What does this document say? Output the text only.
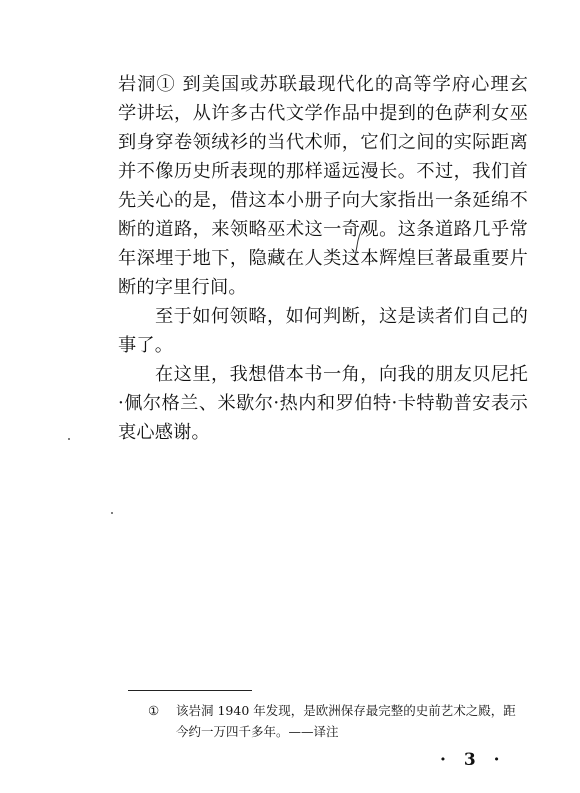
岩洞① 到美国或苏联最现代化的高等学府心理玄学讲坛，从许多古代文学作品中提到的色萨利女巫到身穿卷领绒衫的当代术师，它们之间的实际距离并不像历史所表现的那样遥远漫长。不过，我们首先关心的是，借这本小册子向大家指出一条延绵不断的道路，来领略巫术这一奇观。这条道路几乎常年深埋于地下，隐藏在人类这本辉煌巨著最重要片断的字里行间。

至于如何领略，如何判断，这是读者们自己的事了。

在这里，我想借本书一角，向我的朋友贝尼托·佩尔格兰、米歇尔·热内和罗伯特·卡特勒普安表示衷心感谢。

①	该岩洞 1940 年发现，是欧洲保存最完整的史前艺术之殿，距今约一万四千多年。——译注
· 3 ·
